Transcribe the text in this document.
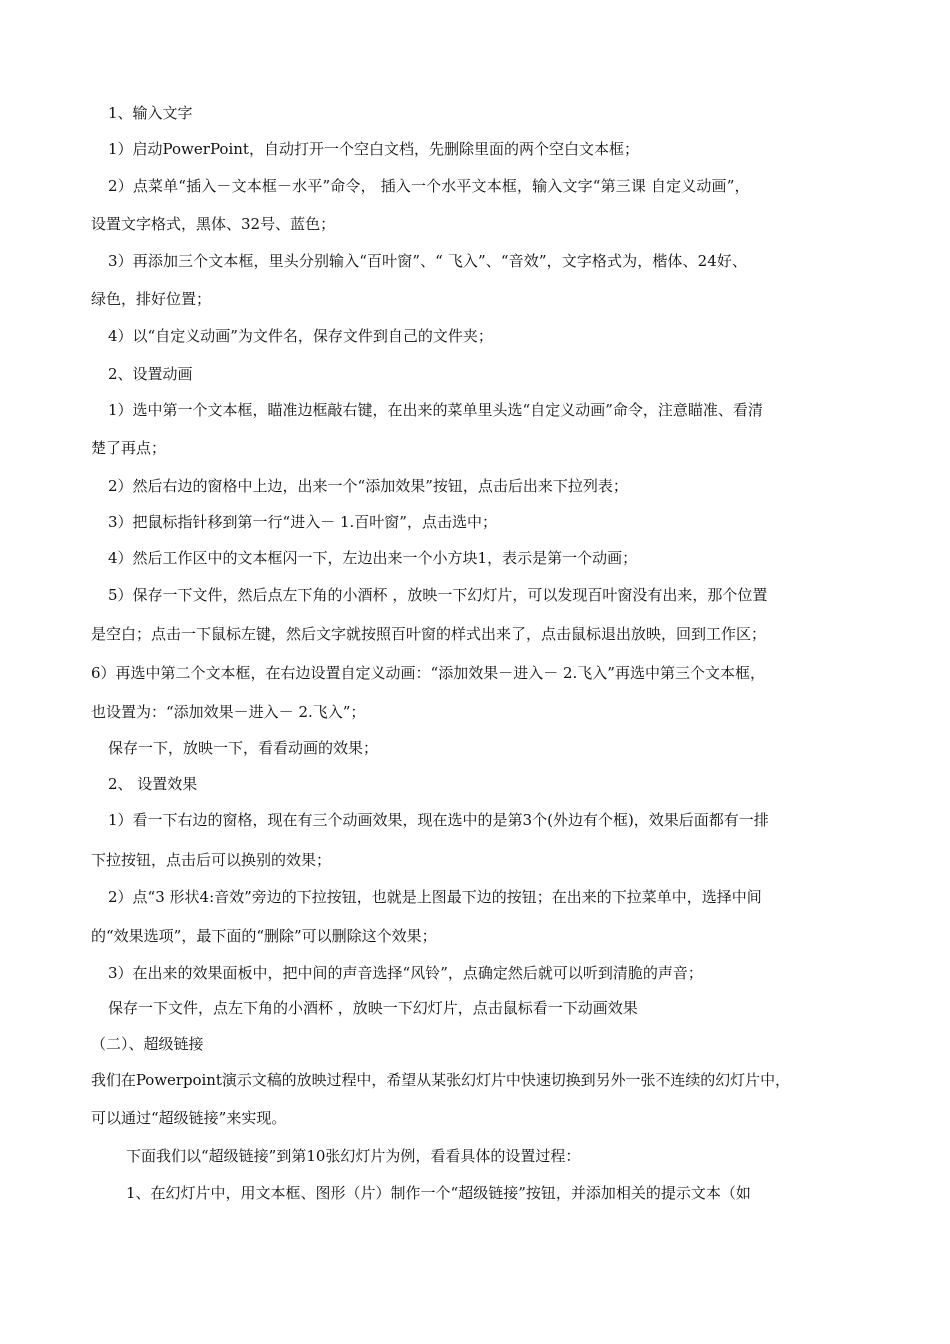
1、输入文字
1）启动PowerPoint，自动打开一个空白文档，先删除里面的两个空白文本框；
2）点菜单“插入－文本框－水平”命令， 插入一个水平文本框，输入文字“第三课 自定义动画”，
设置文字格式，黑体、32号、蓝色；
3）再添加三个文本框，里头分别输入“百叶窗”、“ 飞入”、“音效”，文字格式为，楷体、24好、
绿色，排好位置；
4）以“自定义动画”为文件名，保存文件到自己的文件夹；
2、设置动画
1）选中第一个文本框，瞄准边框敲右键，在出来的菜单里头选“自定义动画”命令，注意瞄准、看清
楚了再点；
2）然后右边的窗格中上边，出来一个“添加效果”按钮，点击后出来下拉列表；
3）把鼠标指针移到第一行“进入－ 1.百叶窗”，点击选中；
4）然后工作区中的文本框闪一下，左边出来一个小方块1，表示是第一个动画；
5）保存一下文件，然后点左下角的小酒杯 ，放映一下幻灯片，可以发现百叶窗没有出来，那个位置
是空白；点击一下鼠标左键，然后文字就按照百叶窗的样式出来了，点击鼠标退出放映，回到工作区；
6）再选中第二个文本框，在右边设置自定义动画：“添加效果－进入－ 2.飞入”再选中第三个文本框，
也设置为：“添加效果－进入－ 2.飞入”；
保存一下，放映一下，看看动画的效果；
2、 设置效果
1）看一下右边的窗格，现在有三个动画效果，现在选中的是第3个(外边有个框)，效果后面都有一排
下拉按钮，点击后可以换别的效果；
2）点“3 形状4:音效”旁边的下拉按钮，也就是上图最下边的按钮；在出来的下拉菜单中，选择中间
的“效果选项”，最下面的“删除”可以删除这个效果；
3）在出来的效果面板中，把中间的声音选择“风铃”，点确定然后就可以听到清脆的声音；
保存一下文件，点左下角的小酒杯 ，放映一下幻灯片，点击鼠标看一下动画效果
（二）、超级链接
我们在Powerpoint演示文稿的放映过程中，希望从某张幻灯片中快速切换到另外一张不连续的幻灯片中，
可以通过“超级链接”来实现。
下面我们以“超级链接”到第10张幻灯片为例，看看具体的设置过程：
1、在幻灯片中，用文本框、图形（片）制作一个“超级链接”按钮，并添加相关的提示文本（如
